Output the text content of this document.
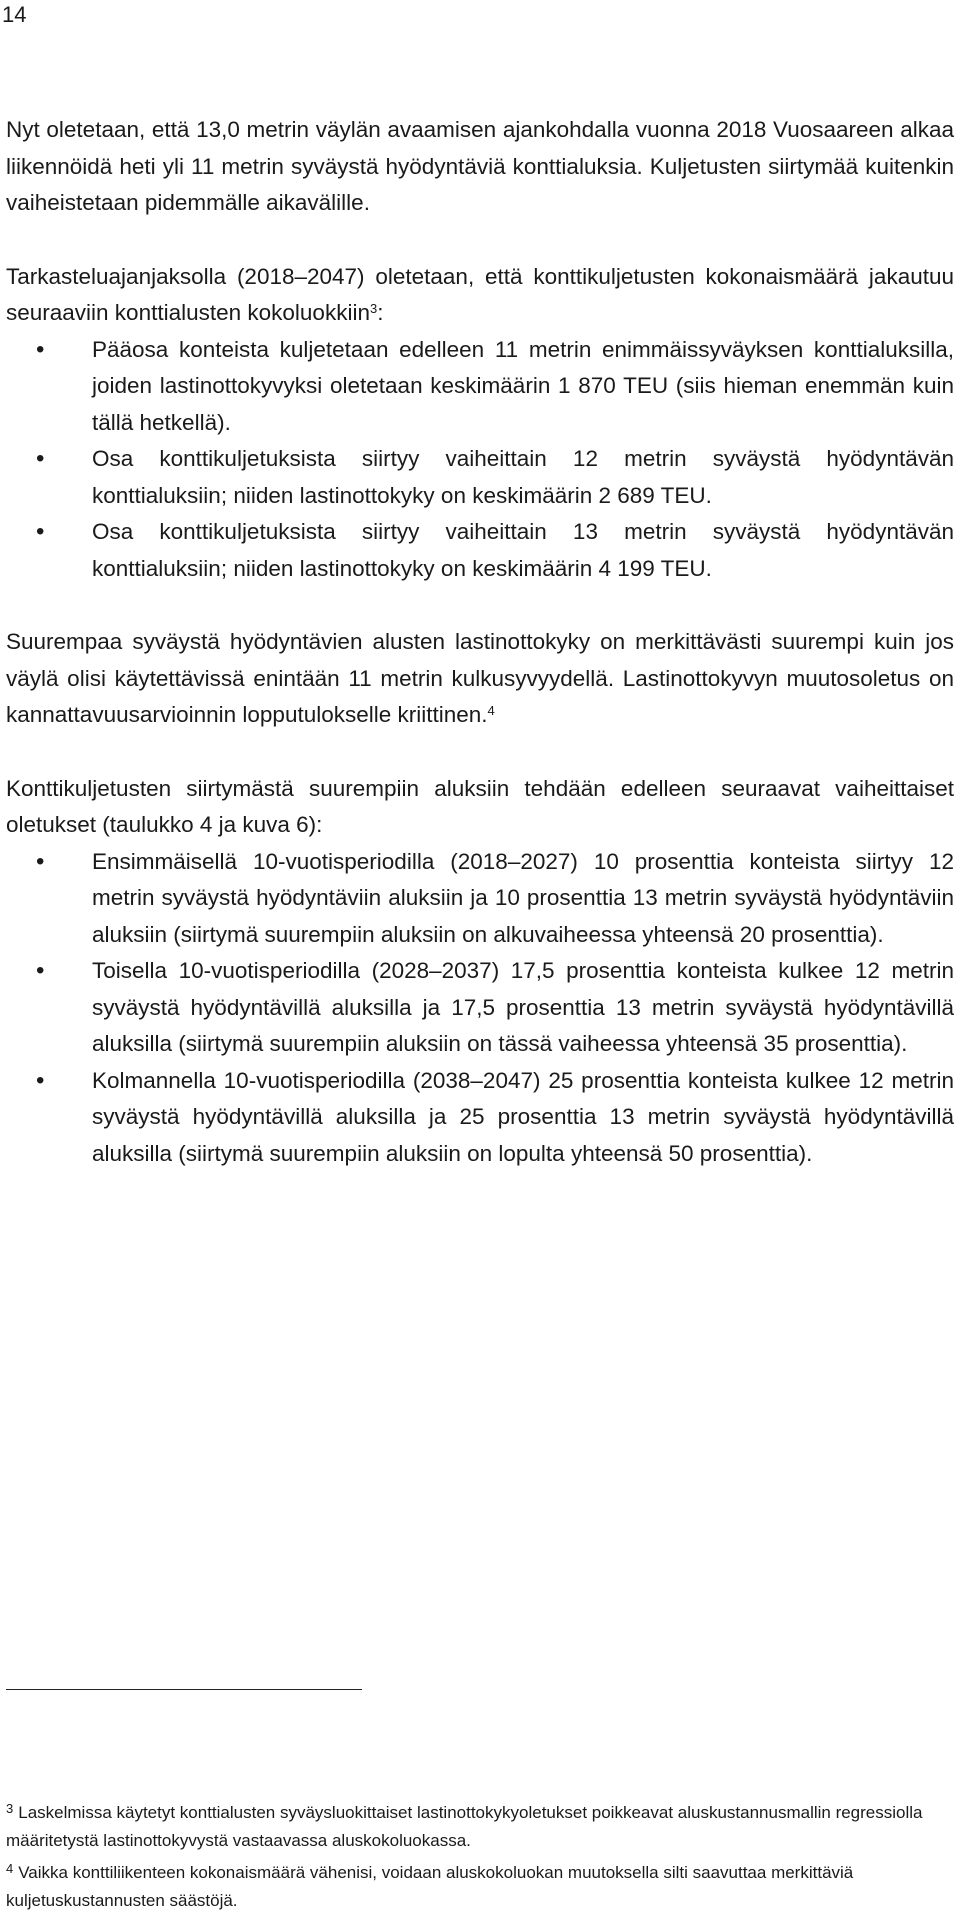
14

Nyt oletetaan, että 13,0 metrin väylän avaamisen ajankohdalla vuonna 2018 Vuosaareen alkaa liikennöidä heti yli 11 metrin syväystä hyödyntäviä konttialuksia. Kuljetusten siirtymää kuitenkin vaiheistetaan pidemmälle aikavälille.

Tarkasteluajanjaksolla (2018–2047) oletetaan, että konttikuljetusten kokonaismäärä jakautuu seuraaviin konttialusten kokoluokkiin$^3$:

• Pääosa konteista kuljetetaan edelleen 11 metrin enimmäissyväyksen konttialuksilla, joiden lastinottokyvyksi oletetaan keskimäärin 1 870 TEU (siis hieman enemmän kuin tällä hetkellä).
• Osa konttikuljetuksista siirtyy vaiheittain 12 metrin syväystä hyödyntävän konttialuksiin; niiden lastinottokyky on keskimäärin 2 689 TEU.
• Osa konttikuljetuksista siirtyy vaiheittain 13 metrin syväystä hyödyntävän konttialuksiin; niiden lastinottokyky on keskimäärin 4 199 TEU.

Suurempaa syväystä hyödyntävien alusten lastinottokyky on merkittävästi suurempi kuin jos väylä olisi käytettävissä enintään 11 metrin kulkusyvyydellä. Lastinottokyvyn muutosoletus on kannattavuusarvioinnin lopputulokselle kriittinen.$^4$

Konttikuljetusten siirtymästä suurempiin aluksiin tehdään edelleen seuraavat vaiheittaiset oletukset (taulukko 4 ja kuva 6):

• Ensimmäisellä 10-vuotisperiodilla (2018–2027) 10 prosenttia konteista siirtyy 12 metrin syväystä hyödyntäviin aluksiin ja 10 prosenttia 13 metrin syväystä hyödyntäviin aluksiin (siirtymä suurempiin aluksiin on alkuvaiheessa yhteensä 20 prosenttia).
• Toisella 10-vuotisperiodilla (2028–2037) 17,5 prosenttia konteista kulkee 12 metrin syväystä hyödyntävillä aluksilla ja 17,5 prosenttia 13 metrin syväystä hyödyntävillä aluksilla (siirtymä suurempiin aluksiin on tässä vaiheessa yhteensä 35 prosenttia).
• Kolmannella 10-vuotisperiodilla (2038–2047) 25 prosenttia konteista kulkee 12 metrin syväystä hyödyntävillä aluksilla ja 25 prosenttia 13 metrin syväystä hyödyntävillä aluksilla (siirtymä suurempiin aluksiin on lopulta yhteensä 50 prosenttia).

$^3$ Laskelmissa käytetyt konttialusten syväysluokittaiset lastinottokykyoletukset poikkeavat aluskustannusmallin regressiolla määritetystä lastinottokyvystä vastaavassa aluskokoluokassa.

$^4$ Vaikka konttiliikenteen kokonaismäärä vähenisi, voidaan aluskokoluokan muutoksella silti saavuttaa merkittäviä kuljetuskustannusten säästöjä.
